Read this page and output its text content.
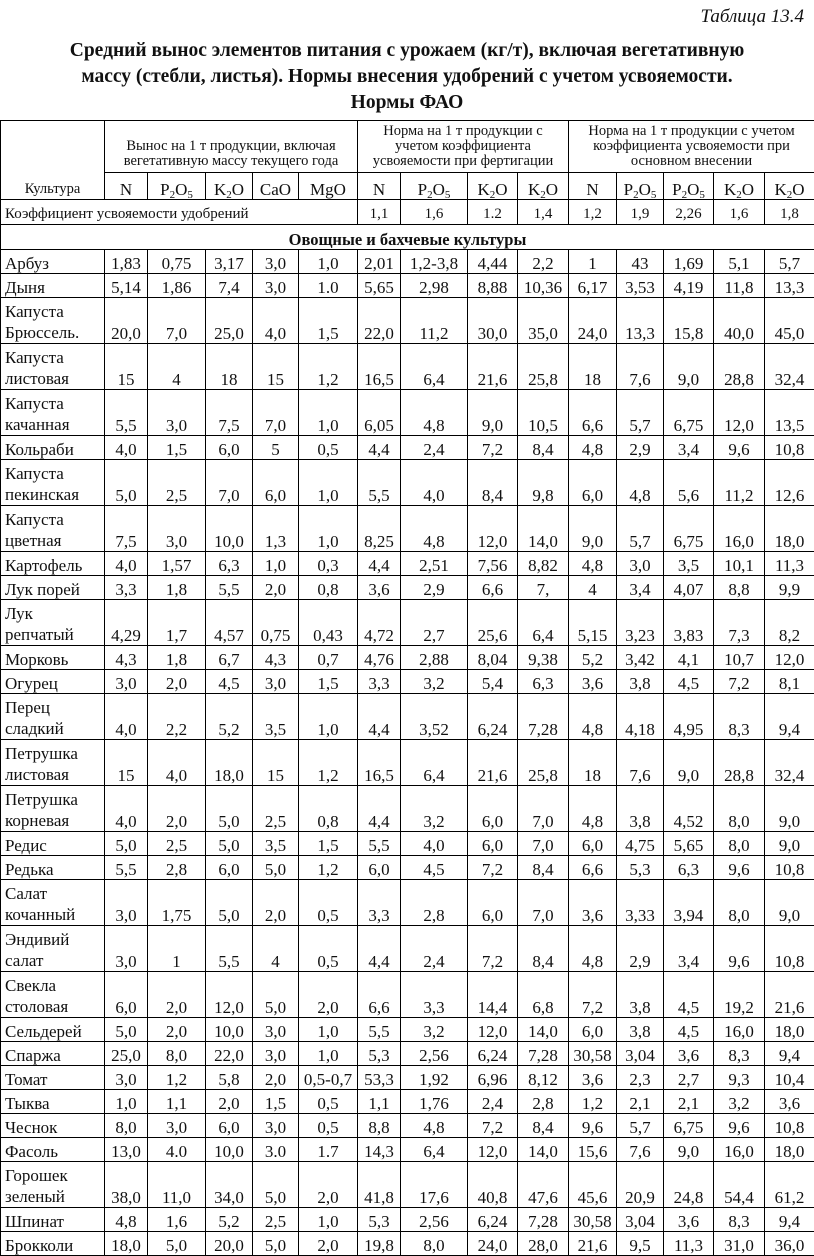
Таблица 13.4
Средний вынос элементов питания с урожаем (кг/т), включая вегетативную
массу (стебли, листья). Нормы внесения удобрений с учетом усвояемости.
Нормы ФАО
Культура	Вынос на 1 т продукции, включая вегетативную массу текущего года					Норма на 1 т продукции с учетом коэффициента усвояемости при фертигации				Норма на 1 т продукции с учетом коэффициента усвояемости при основном внесении				
	N	$P_2O_5$	$K_2O$	CaO	MgO	N	$P_2O_5$	$K_2O$	$K_2O$	N	$P_2O_5$	$P_2O_5$	$K_2O$	$K_2O$
Коэффициент усвояемости удобрений						1,1	1,6	1.2	1,4	1,2	1,9	2,26	1,6	1,8
Овощные и бахчевые культуры														
Арбуз	1,83	0,75	3,17	3,0	1,0	2,01	1,2-3,8	4,44	2,2	1	43	1,69	5,1	5,7
Дыня	5,14	1,86	7,4	3,0	1.0	5,65	2,98	8,88	10,36	6,17	3,53	4,19	11,8	13,3
Капуста Брюссель.	20,0	7,0	25,0	4,0	1,5	22,0	11,2	30,0	35,0	24,0	13,3	15,8	40,0	45,0
Капуста листовая	15	4	18	15	1,2	16,5	6,4	21,6	25,8	18	7,6	9,0	28,8	32,4
Капуста качанная	5,5	3,0	7,5	7,0	1,0	6,05	4,8	9,0	10,5	6,6	5,7	6,75	12,0	13,5
Кольраби	4,0	1,5	6,0	5	0,5	4,4	2,4	7,2	8,4	4,8	2,9	3,4	9,6	10,8
Капуста пекинская	5,0	2,5	7,0	6,0	1,0	5,5	4,0	8,4	9,8	6,0	4,8	5,6	11,2	12,6
Капуста цветная	7,5	3,0	10,0	1,3	1,0	8,25	4,8	12,0	14,0	9,0	5,7	6,75	16,0	18,0
Картофель	4,0	1,57	6,3	1,0	0,3	4,4	2,51	7,56	8,82	4,8	3,0	3,5	10,1	11,3
Лук порей	3,3	1,8	5,5	2,0	0,8	3,6	2,9	6,6	7,	4	3,4	4,07	8,8	9,9
Лук репчатый	4,29	1,7	4,57	0,75	0,43	4,72	2,7	25,6	6,4	5,15	3,23	3,83	7,3	8,2
Морковь	4,3	1,8	6,7	4,3	0,7	4,76	2,88	8,04	9,38	5,2	3,42	4,1	10,7	12,0
Огурец	3,0	2,0	4,5	3,0	1,5	3,3	3,2	5,4	6,3	3,6	3,8	4,5	7,2	8,1
Перец сладкий	4,0	2,2	5,2	3,5	1,0	4,4	3,52	6,24	7,28	4,8	4,18	4,95	8,3	9,4
Петрушка листовая	15	4,0	18,0	15	1,2	16,5	6,4	21,6	25,8	18	7,6	9,0	28,8	32,4
Петрушка корневая	4,0	2,0	5,0	2,5	0,8	4,4	3,2	6,0	7,0	4,8	3,8	4,52	8,0	9,0
Редис	5,0	2,5	5,0	3,5	1,5	5,5	4,0	6,0	7,0	6,0	4,75	5,65	8,0	9,0
Редька	5,5	2,8	6,0	5,0	1,2	6,0	4,5	7,2	8,4	6,6	5,3	6,3	9,6	10,8
Салат кочанный	3,0	1,75	5,0	2,0	0,5	3,3	2,8	6,0	7,0	3,6	3,33	3,94	8,0	9,0
Эндивий салат	3,0	1	5,5	4	0,5	4,4	2,4	7,2	8,4	4,8	2,9	3,4	9,6	10,8
Свекла столовая	6,0	2,0	12,0	5,0	2,0	6,6	3,3	14,4	6,8	7,2	3,8	4,5	19,2	21,6
Сельдерей	5,0	2,0	10,0	3,0	1,0	5,5	3,2	12,0	14,0	6,0	3,8	4,5	16,0	18,0
Спаржа	25,0	8,0	22,0	3,0	1,0	5,3	2,56	6,24	7,28	30,58	3,04	3,6	8,3	9,4
Томат	3,0	1,2	5,8	2,0	0,5-0,7	53,3	1,92	6,96	8,12	3,6	2,3	2,7	9,3	10,4
Тыква	1,0	1,1	2,0	1,5	0,5	1,1	1,76	2,4	2,8	1,2	2,1	2,1	3,2	3,6
Чеснок	8,0	3,0	6,0	3,0	0,5	8,8	4,8	7,2	8,4	9,6	5,7	6,75	9,6	10,8
Фасоль	13,0	4.0	10,0	3.0	1.7	14,3	6,4	12,0	14,0	15,6	7,6	9,0	16,0	18,0
Горошек зеленый	38,0	11,0	34,0	5,0	2,0	41,8	17,6	40,8	47,6	45,6	20,9	24,8	54,4	61,2
Шпинат	4,8	1,6	5,2	2,5	1,0	5,3	2,56	6,24	7,28	30,58	3,04	3,6	8,3	9,4
Брокколи	18,0	5,0	20,0	5,0	2,0	19,8	8,0	24,0	28,0	21,6	9,5	11,3	31,0	36,0
